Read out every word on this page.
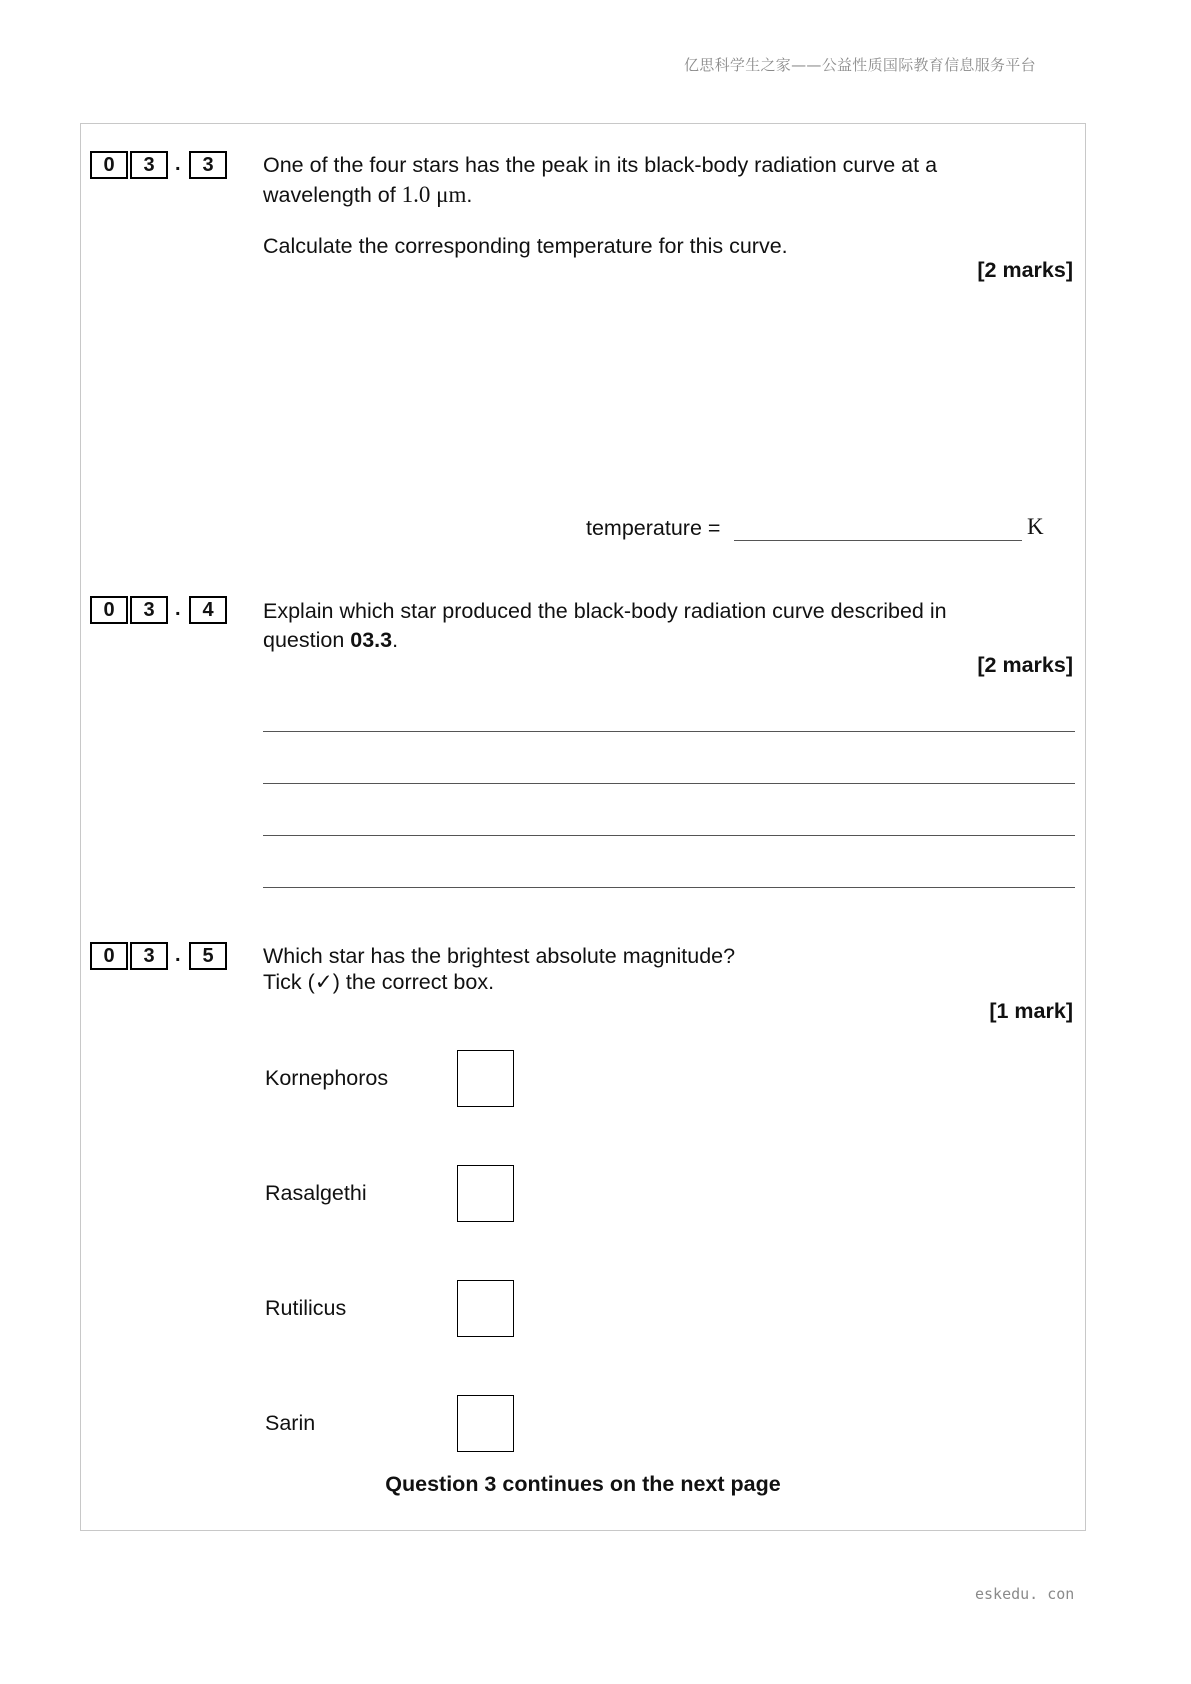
亿思科学生之家——公益性质国际教育信息服务平台
0	3	.	3	One of the four stars has the peak in its black-body radiation curve at a
wavelength of 1.0 μm.
Calculate the corresponding temperature for this curve.
[2 marks]
temperature =	K
0	3	.	4	Explain which star produced the black-body radiation curve described in
question 03.3.
[2 marks]
0	3	.	5	Which star has the brightest absolute magnitude?
Tick (✓) the correct box.
[1 mark]
Kornephoros
Rasalgethi
Rutilicus
Sarin
Question 3 continues on the next page
eskedu. con
